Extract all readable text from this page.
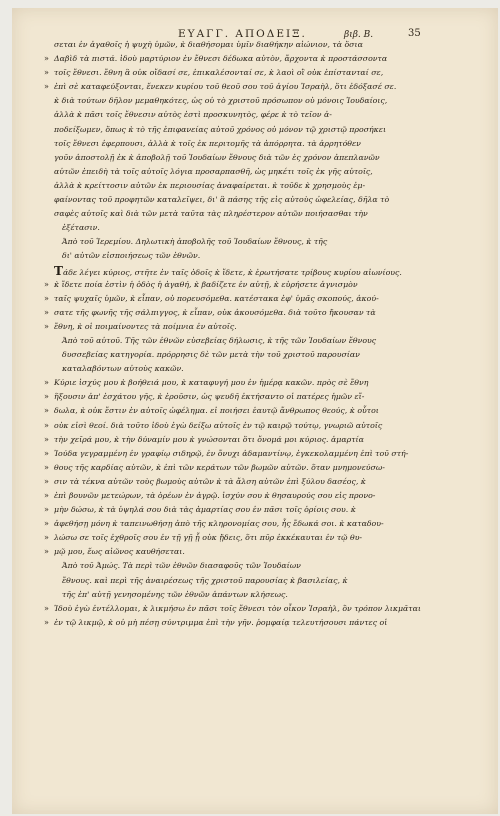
ΕΥΑΓΓ. ΑΠΟΔΕΙΞ.	βιβ. Β.	35
σεται ἐν ἀγαθοῖς ἡ ψυχὴ ὑμῶν, κ̀ διαθήσομαι ὑμῖν διαθήκην αἰώνιον, τὰ ὅσια
» Δαβὶδ τὰ πιστά. ἰδοὺ μαρτύριον ἐν ἔθνεσι δέδωκα αὐτὸν, ἄρχοντα κ̀ προστάσσοντα
» τοῖς ἔθνεσι. ἔθνη ἃ οὐκ οἴδασί σε, ἐπικαλέσονταί σε, κ̀ λαοὶ οἳ οὐκ ἐπίστανταί σε,
» ἐπὶ σὲ καταφεύξονται, ἕνεκεν κυρίου τοῦ θεοῦ σου τοῦ ἁγίου Ἰσραὴλ, ὅτι ἐδόξασέ σε.
κ̀ διὰ τούτων δῆλον μεμαθηκότες, ὡς οὐ τὸ χριστοῦ πρόσωπον οὐ μόνοις Ἰουδαίοις,
ἀλλὰ κ̀ πᾶσι τοῖς ἔθνεσιν αὐτὸς ἐστὶ προσκυνητὸς, φέρε κ̀ τὸ τεῖον ἀ-
ποδείξωμεν, ὅπως κ̀ τὸ τῆς ἐπιφανείας αὐτοῦ χρόνος οὐ μόνον τῷ χριστῷ προσήκει
τοῖς ἔθνεσι ἐφερπουσι, ἀλλὰ κ̀ τοῖς ἐκ περιτομῆς τὰ ἀπόρρητα. τὰ ἀρρητόθεν
γοῦν ἀποστολῇ ἐκ κ̀ ἀποβολῇ τοῦ Ἰουδαίων ἔθνους διὰ τῶν ἐς χρόνον ἀπεπλανῶν
αὐτῶν ἐπειδὴ τὰ τοῖς αὐτοῖς λόγια προσαρπασθῆ, ὡς μηκέτι τοῖς ἐκ γῆς αὐτοῖς,
ἀλλὰ κ̀ κρείττοσιν αὐτῶν ἐκ περιουσίας ἀναφαίρεται. κ̀ τοῦδε κ̀ χρησμοὺς ἐμ-
φαίνοντας τοῦ προφητῶν καταλεῖψει, δι' ἃ πάσης τῆς εἰς αὐτοὺς ὠφελείας, δῆλα τὸ
σαφὲς αὐτοῖς καὶ διὰ τῶν μετὰ ταῦτα τὰς πληρέστερον αὐτῶν ποιήσασθαι τὴν
ἐξέτασιν.
Ἀπὸ τοῦ Ἱερεμίου. Δηλωτικὴ ἀποβολῆς τοῦ Ἰουδαίων ἔθνους, κ̀ τῆς
δι' αὐτῶν εἰσποιήσεως τῶν ἐθνῶν.
Τάδε λέγει κύριος, στῆτε ἐν ταῖς ὁδοῖς κ̀ ἴδετε, κ̀ ἐρωτήσατε τρίβους κυρίου αἰωνίους.
» κ̀ ἴδετε ποία ἐστὶν ἡ ὁδὸς ἡ ἀγαθή, κ̀ βαδίζετε ἐν αὐτῇ, κ̀ εὑρήσετε ἁγνισμὸν
» ταῖς ψυχαῖς ὑμῶν, κ̀ εἶπαν, οὐ πορευσόμεθα. κατέστακα ἐφ' ὑμᾶς σκοπούς, ἀκού-
» σατε τῆς φωνῆς τῆς σάλπιγγος, κ̀ εἶπαν, οὐκ ἀκουσόμεθα. διὰ τοῦτο ἤκουσαν τὰ
» ἔθνη, κ̀ οἱ ποιμαίνοντες τὰ ποίμνια ἐν αὐτοῖς.
Ἀπὸ τοῦ αὐτοῦ. Τῆς τῶν ἐθνῶν εὐσεβείας δήλωσις, κ̀ τῆς τῶν Ἰουδαίων ἔθνους
δυσσεβείας κατηγορία. πρόρρησις δὲ τῶν μετὰ τὴν τοῦ χριστοῦ παρουσίαν
καταλαβόντων αὐτοὺς κακῶν.
» Κύριε ἰσχύς μου κ̀ βοήθειά μου, κ̀ καταφυγή μου ἐν ἡμέρᾳ κακῶν. πρὸς σὲ ἔθνη
» ἥξουσιν ἀπ' ἐσχάτου γῆς, κ̀ ἐροῦσιν, ὡς ψευδῆ ἐκτήσαντο οἱ πατέρες ἡμῶν εἴ-
» δωλα, κ̀ οὐκ ἔστιν ἐν αὐτοῖς ὠφέλημα. εἰ ποιήσει ἑαυτῷ ἄνθρωπος θεούς, κ̀ οὗτοι
» οὐκ εἰσὶ θεοί. διὰ τοῦτο ἰδοὺ ἐγὼ δείξω αὐτοῖς ἐν τῷ καιρῷ τούτῳ, γνωριῶ αὐτοῖς
» τὴν χεῖρά μου, κ̀ τὴν δύναμίν μου κ̀ γνώσονται ὅτι ὄνομά μοι κύριος. ἁμαρτία
» Ἰούδα γεγραμμένη ἐν γραφίῳ σιδηρῷ, ἐν ὄνυχι ἀδαμαντίνῳ, ἐγκεκολαμμένη ἐπὶ τοῦ στή-
» θους τῆς καρδίας αὐτῶν, κ̀ ἐπὶ τῶν κεράτων τῶν βωμῶν αὐτῶν. ὅταν μνημονεύσω-
» σιν τὰ τέκνα αὐτῶν τοὺς βωμοὺς αὐτῶν κ̀ τὰ ἄλση αὐτῶν ἐπὶ ξύλου δασέος, κ̀
» ἐπὶ βουνῶν μετεώρων, τὰ ὀρέων ἐν ἀγρῷ. ἰσχύν σου κ̀ θησαυρούς σου εἰς προνο-
» μὴν δώσω, κ̀ τὰ ὑψηλά σου διὰ τὰς ἁμαρτίας σου ἐν πᾶσι τοῖς ὁρίοις σου. κ̀
» ἀφεθήσῃ μόνη κ̀ ταπεινωθήσῃ ἀπὸ τῆς κληρονομίας σου, ἧς ἔδωκά σοι. κ̀ καταδου-
» λώσω σε τοῖς ἐχθροῖς σου ἐν τῇ γῇ ᾗ οὐκ ᾔδεις, ὅτι πῦρ ἐκκέκαυται ἐν τῷ θυ-
» μῷ μου, ἕως αἰῶνος καυθήσεται.
Ἀπὸ τοῦ Ἀμώς. Τὰ περὶ τῶν ἐθνῶν διασαφοῦς τῶν Ἰουδαίων
ἔθνους. καὶ περὶ τῆς ἀναιρέσεως τῆς χριστοῦ παρουσίας κ̀ βασιλείας, κ̀
τῆς ἐπ' αὐτῇ γενησομένης τῶν ἐθνῶν ἁπάντων κλήσεως.
» Ἰδοὺ ἐγὼ ἐντέλλομαι, κ̀ λικμήσω ἐν πᾶσι τοῖς ἔθνεσι τὸν οἶκον Ἰσραὴλ, ὃν τρόπον λικμᾶται
» ἐν τῷ λικμῷ, κ̀ οὐ μὴ πέσῃ σύντριμμα ἐπὶ τὴν γῆν. ῥομφαίᾳ τελευτήσουσι πάντες οἱ
